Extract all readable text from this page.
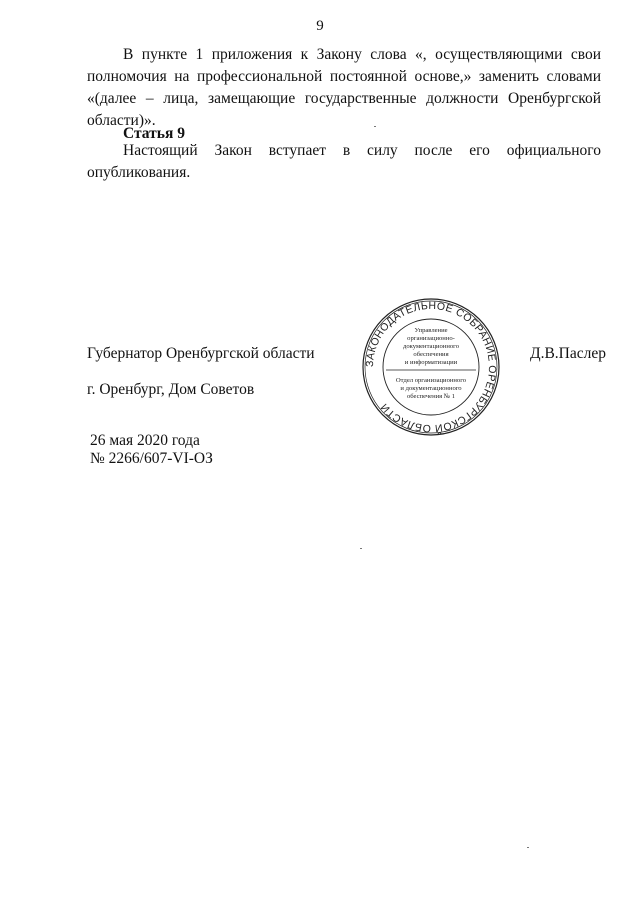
9

В пункте 1 приложения к Закону слова «, осуществляющими свои полномочия на профессиональной постоянной основе,» заменить словами «(далее – лица, замещающие государственные должности Оренбургской области)».

Статья 9

Настоящий Закон вступает в силу после его официального опубликования.

Губернатор Оренбургской области	Д.В.Паслер
г. Оренбург, Дом Советов
26 мая 2020 года
№ 2266/607-VI-ОЗ
ЗАКОНОДАТЕЛЬНОЕ СОБРАНИЕ ОРЕНБУРГСКОЙ ОБЛАСТИ
Управление
организационно-
документационного
обеспечения
и информатизации
Отдел организационного
и документационного
обеспечения № 1
